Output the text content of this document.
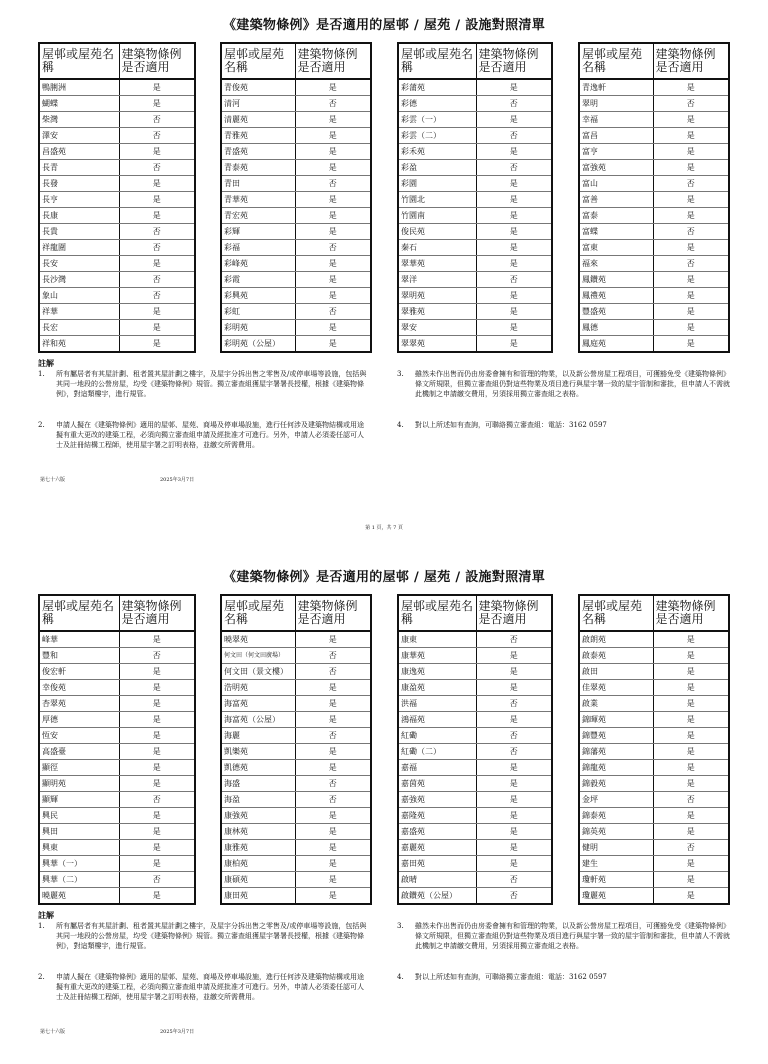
《建築物條例》是否適用的屋邨 / 屋苑 / 設施對照清單
屋邨或屋苑名稱	建築物條例是否適用
鴨脷洲	是
蝴蝶	是
柴灣	否
澤安	否
昌盛苑	是
長青	否
長發	是
長亨	是
長康	是
長貴	否
祥龍圍	否
長安	是
長沙灣	否
象山	否
祥華	是
長宏	是
祥和苑	是
屋邨或屋苑名稱	建築物條例是否適用
青俊苑	是
清河	否
清麗苑	是
青雅苑	是
青盛苑	是
青泰苑	是
青田	否
青華苑	是
青宏苑	是
彩輝	是
彩福	否
彩峰苑	是
彩霞	是
彩興苑	是
彩虹	否
彩明苑	是
彩明苑（公屋）	是
屋邨或屋苑名稱	建築物條例是否適用
彩蒲苑	是
彩德	否
彩雲（一）	是
彩雲（二）	否
彩禾苑	是
彩盈	否
彩園	是
竹園北	是
竹園南	是
俊民苑	是
秦石	是
翠華苑	是
翠洋	否
翠明苑	是
翠雅苑	是
翠安	是
翠翠苑	是
屋邨或屋苑名稱	建築物條例是否適用
青逸軒	是
翠明	否
幸福	是
富昌	是
富亨	是
富強苑	是
富山	否
富善	是
富泰	是
富蝶	否
富東	是
福來	否
鳳鑽苑	是
鳳禮苑	是
豐盛苑	是
鳳德	是
鳳庭苑	是
註解
1.	所有屬居者有其屋計劃、租者置其屋計劃之樓宇，及屋宇分拆出售之零售及/或停車場等設施，包括與其同一地段的公營房屋，均受《建築物條例》規管。獨立審查組獲屋宇署署長授權，根據《建築物條例》，對這類樓宇，進行規管。
2.	申請人擬在《建築物條例》適用的屋邨、屋苑、商場及停車場設施，進行任何涉及建築物結構或用途擬有重大更改的建築工程，必須向獨立審查組申請及經批准才可進行。另外，申請人必須委任認可人士及註冊結構工程師，使用屋宇署之訂明表格，並繳交所需費用。
3.	雖然未作出售而仍由房委會擁有和管理的物業，以及新公營房屋工程項目，可獲豁免受《建築物條例》條文所規限，但獨立審查組仍對這些物業及項目進行與屋宇署一致的屋宇管制和審批，但申請人不需就此機制之申請繳交費用，另須採用獨立審查組之表格。
4.	對以上所述如有查詢，可聯絡獨立審查組：電話：3162 0597
第七十六版	2025年3月7日
第 1 頁，共 7 頁
《建築物條例》是否適用的屋邨 / 屋苑 / 設施對照清單
屋邨或屋苑名稱	建築物條例是否適用
峰華	是
豐和	否
俊宏軒	是
幸俊苑	是
杏翠苑	是
厚德	是
恆安	是
高盛臺	是
顯徑	是
顯明苑	是
顯輝	否
興民	是
興田	是
興東	是
興華（一）	是
興華（二）	否
曉麗苑	是
屋邨或屋苑名稱	建築物條例是否適用
曉翠苑	是
何文田（何文田廣場）	否
何文田（景文樓）	否
浩明苑	是
海富苑	是
海富苑（公屋）	是
海麗	否
凱樂苑	是
凱德苑	是
海盛	否
海盈	否
康強苑	是
康林苑	是
康雅苑	是
康柏苑	是
康碩苑	是
康田苑	是
屋邨或屋苑名稱	建築物條例是否適用
康東	否
康華苑	是
康逸苑	是
康盈苑	是
洪福	否
鴻福苑	是
紅磡	否
紅磡（二）	否
嘉福	是
嘉茵苑	是
嘉強苑	是
嘉隆苑	是
嘉盛苑	是
嘉麗苑	是
嘉田苑	是
啟晴	否
啟鑽苑（公屋）	否
屋邨或屋苑名稱	建築物條例是否適用
啟朗苑	是
啟泰苑	是
啟田	是
佳翠苑	是
啟業	是
錦暉苑	是
錦豐苑	是
錦藩苑	是
錦龍苑	是
錦毅苑	是
金坪	否
錦泰苑	是
錦英苑	是
健明	否
建生	是
瓊軒苑	是
瓊麗苑	是
註解
1.	所有屬居者有其屋計劃、租者置其屋計劃之樓宇，及屋宇分拆出售之零售及/或停車場等設施，包括與其同一地段的公營房屋，均受《建築物條例》規管。獨立審查組獲屋宇署署長授權，根據《建築物條例》，對這類樓宇，進行規管。
2.	申請人擬在《建築物條例》適用的屋邨、屋苑、商場及停車場設施，進行任何涉及建築物結構或用途擬有重大更改的建築工程，必須向獨立審查組申請及經批准才可進行。另外，申請人必須委任認可人士及註冊結構工程師，使用屋宇署之訂明表格，並繳交所需費用。
3.	雖然未作出售而仍由房委會擁有和管理的物業，以及新公營房屋工程項目，可獲豁免受《建築物條例》條文所規限，但獨立審查組仍對這些物業及項目進行與屋宇署一致的屋宇管制和審批，但申請人不需就此機制之申請繳交費用，另須採用獨立審查組之表格。
4.	對以上所述如有查詢，可聯絡獨立審查組：電話：3162 0597
第七十六版	2025年3月7日
